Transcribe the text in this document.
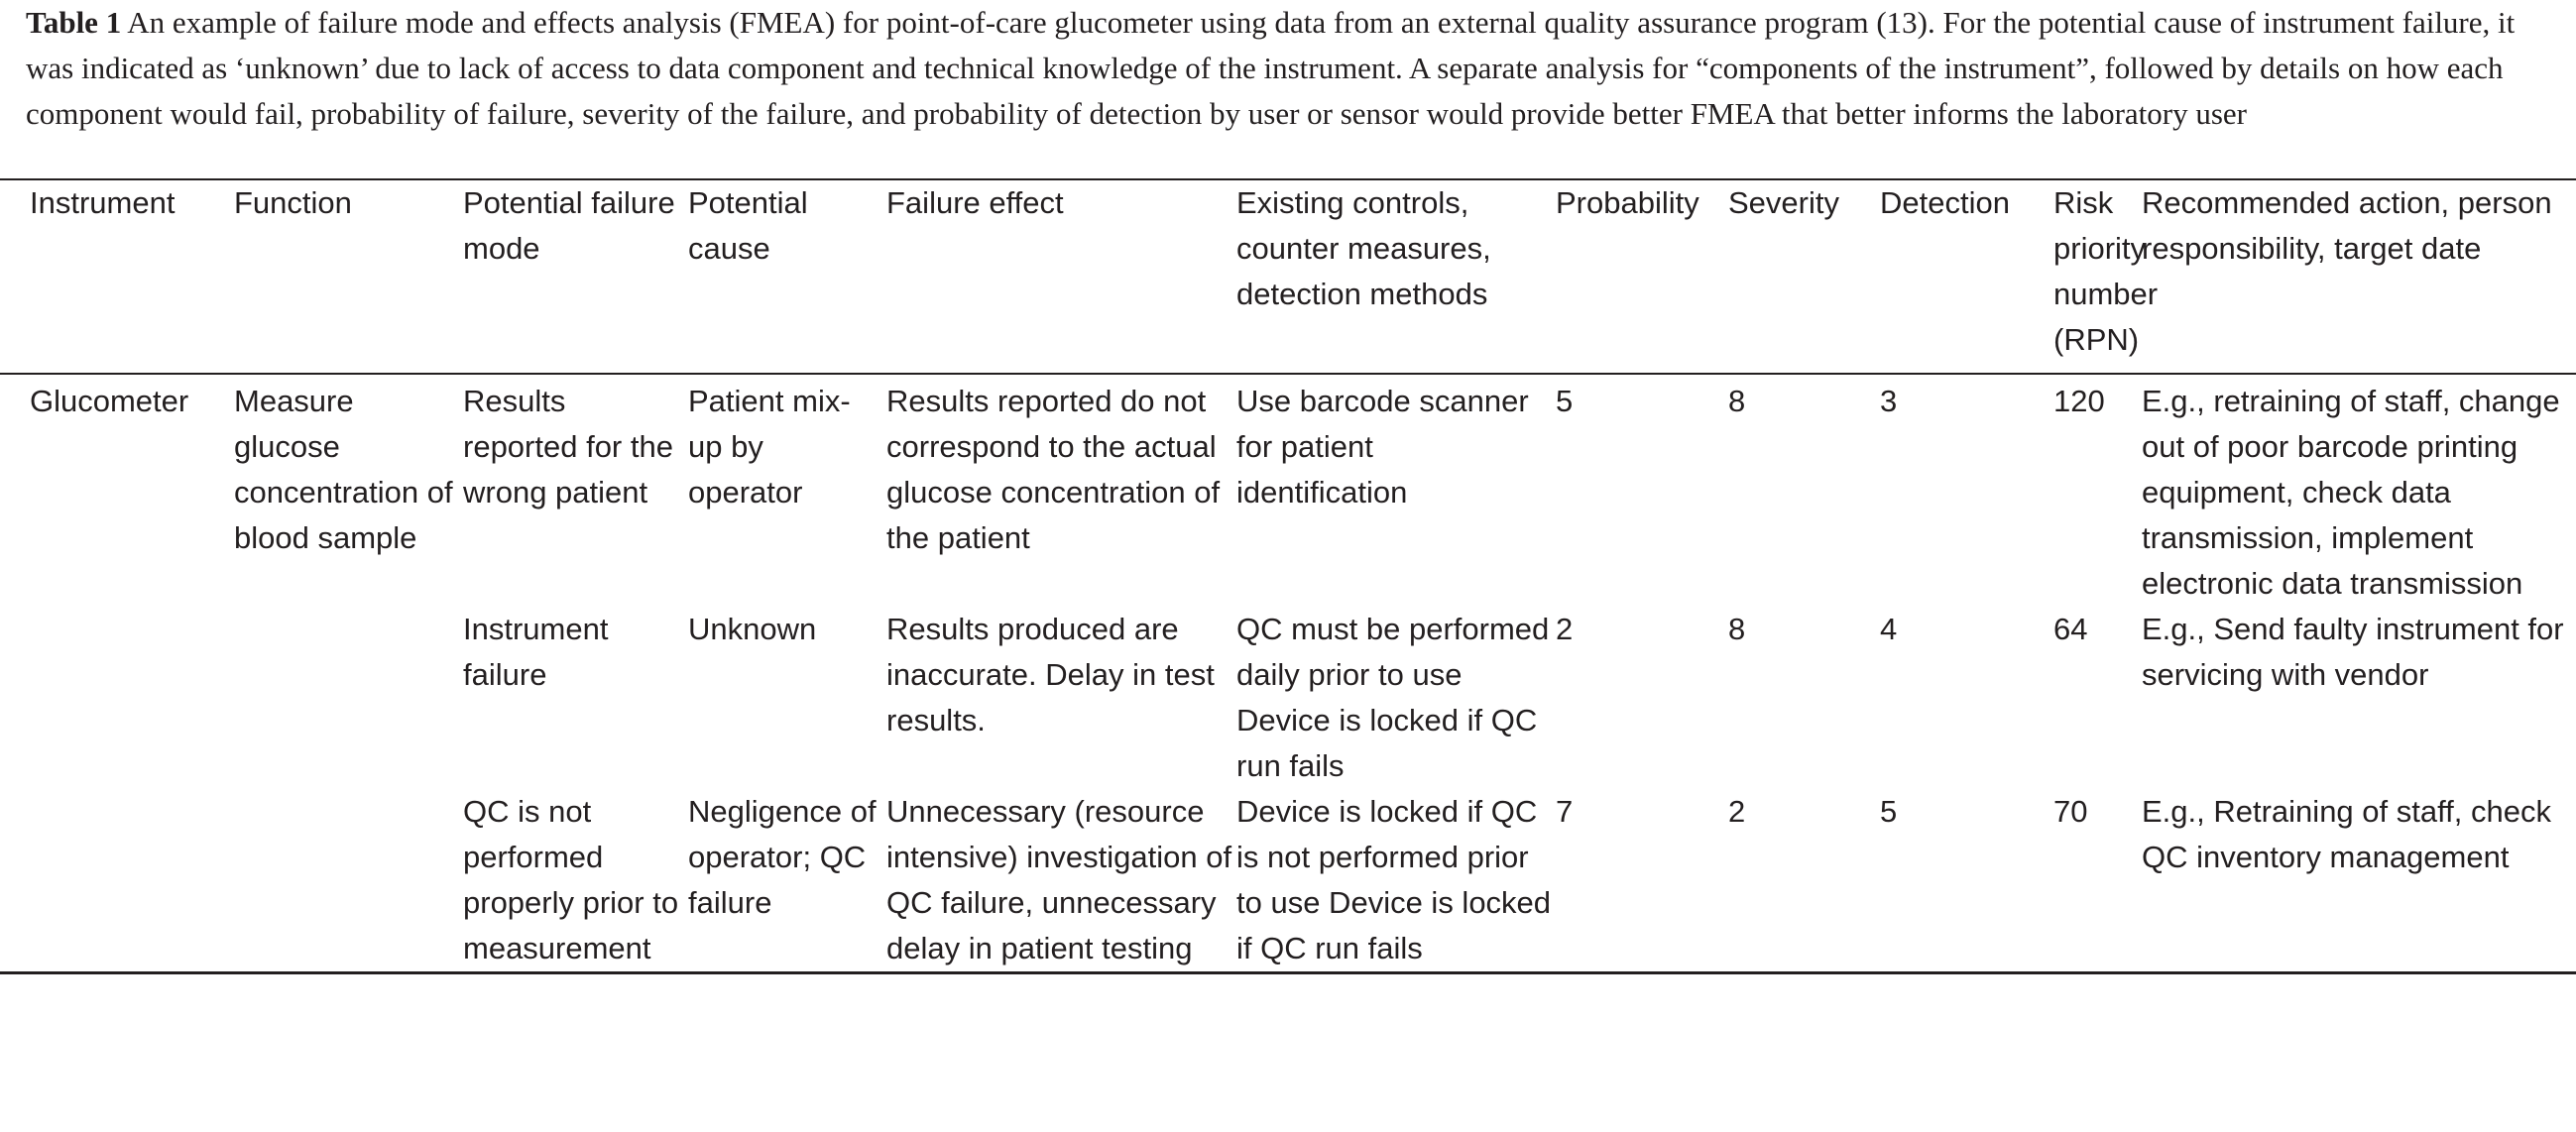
Table 1 An example of failure mode and effects analysis (FMEA) for point-of-care glucometer using data from an external quality assurance program (13). For the potential cause of instrument failure, it was indicated as ‘unknown’ due to lack of access to data component and technical knowledge of the instrument. A separate analysis for “components of the instrument”, followed by details on how each component would fail, probability of failure, severity of the failure, and probability of detection by user or sensor would provide better FMEA that better informs the laboratory user

Instrument	Function	Potential failure mode	Potential cause	Failure effect	Existing controls, counter measures, detection methods	Probability	Severity	Detection	Risk priority number (RPN)	Recommended action, person responsibility, target date
Glucometer	Measure glucose concentration of blood sample	Results reported for the wrong patient	Patient mix-up by operator	Results reported do not correspond to the actual glucose concentration of the patient	Use barcode scanner for patient identification	5	8	3	120	E.g., retraining of staff, change out of poor barcode printing equipment, check data transmission, implement electronic data transmission
		Instrument failure	Unknown	Results produced are inaccurate. Delay in test results.	QC must be performed daily prior to use Device is locked if QC run fails	2	8	4	64	E.g., Send faulty instrument for servicing with vendor
		QC is not performed properly prior to measurement	Negligence of operator; QC failure	Unnecessary (resource intensive) investigation of QC failure, unnecessary delay in patient testing	Device is locked if QC is not performed prior to use Device is locked if QC run fails	7	2	5	70	E.g., Retraining of staff, check QC inventory management
